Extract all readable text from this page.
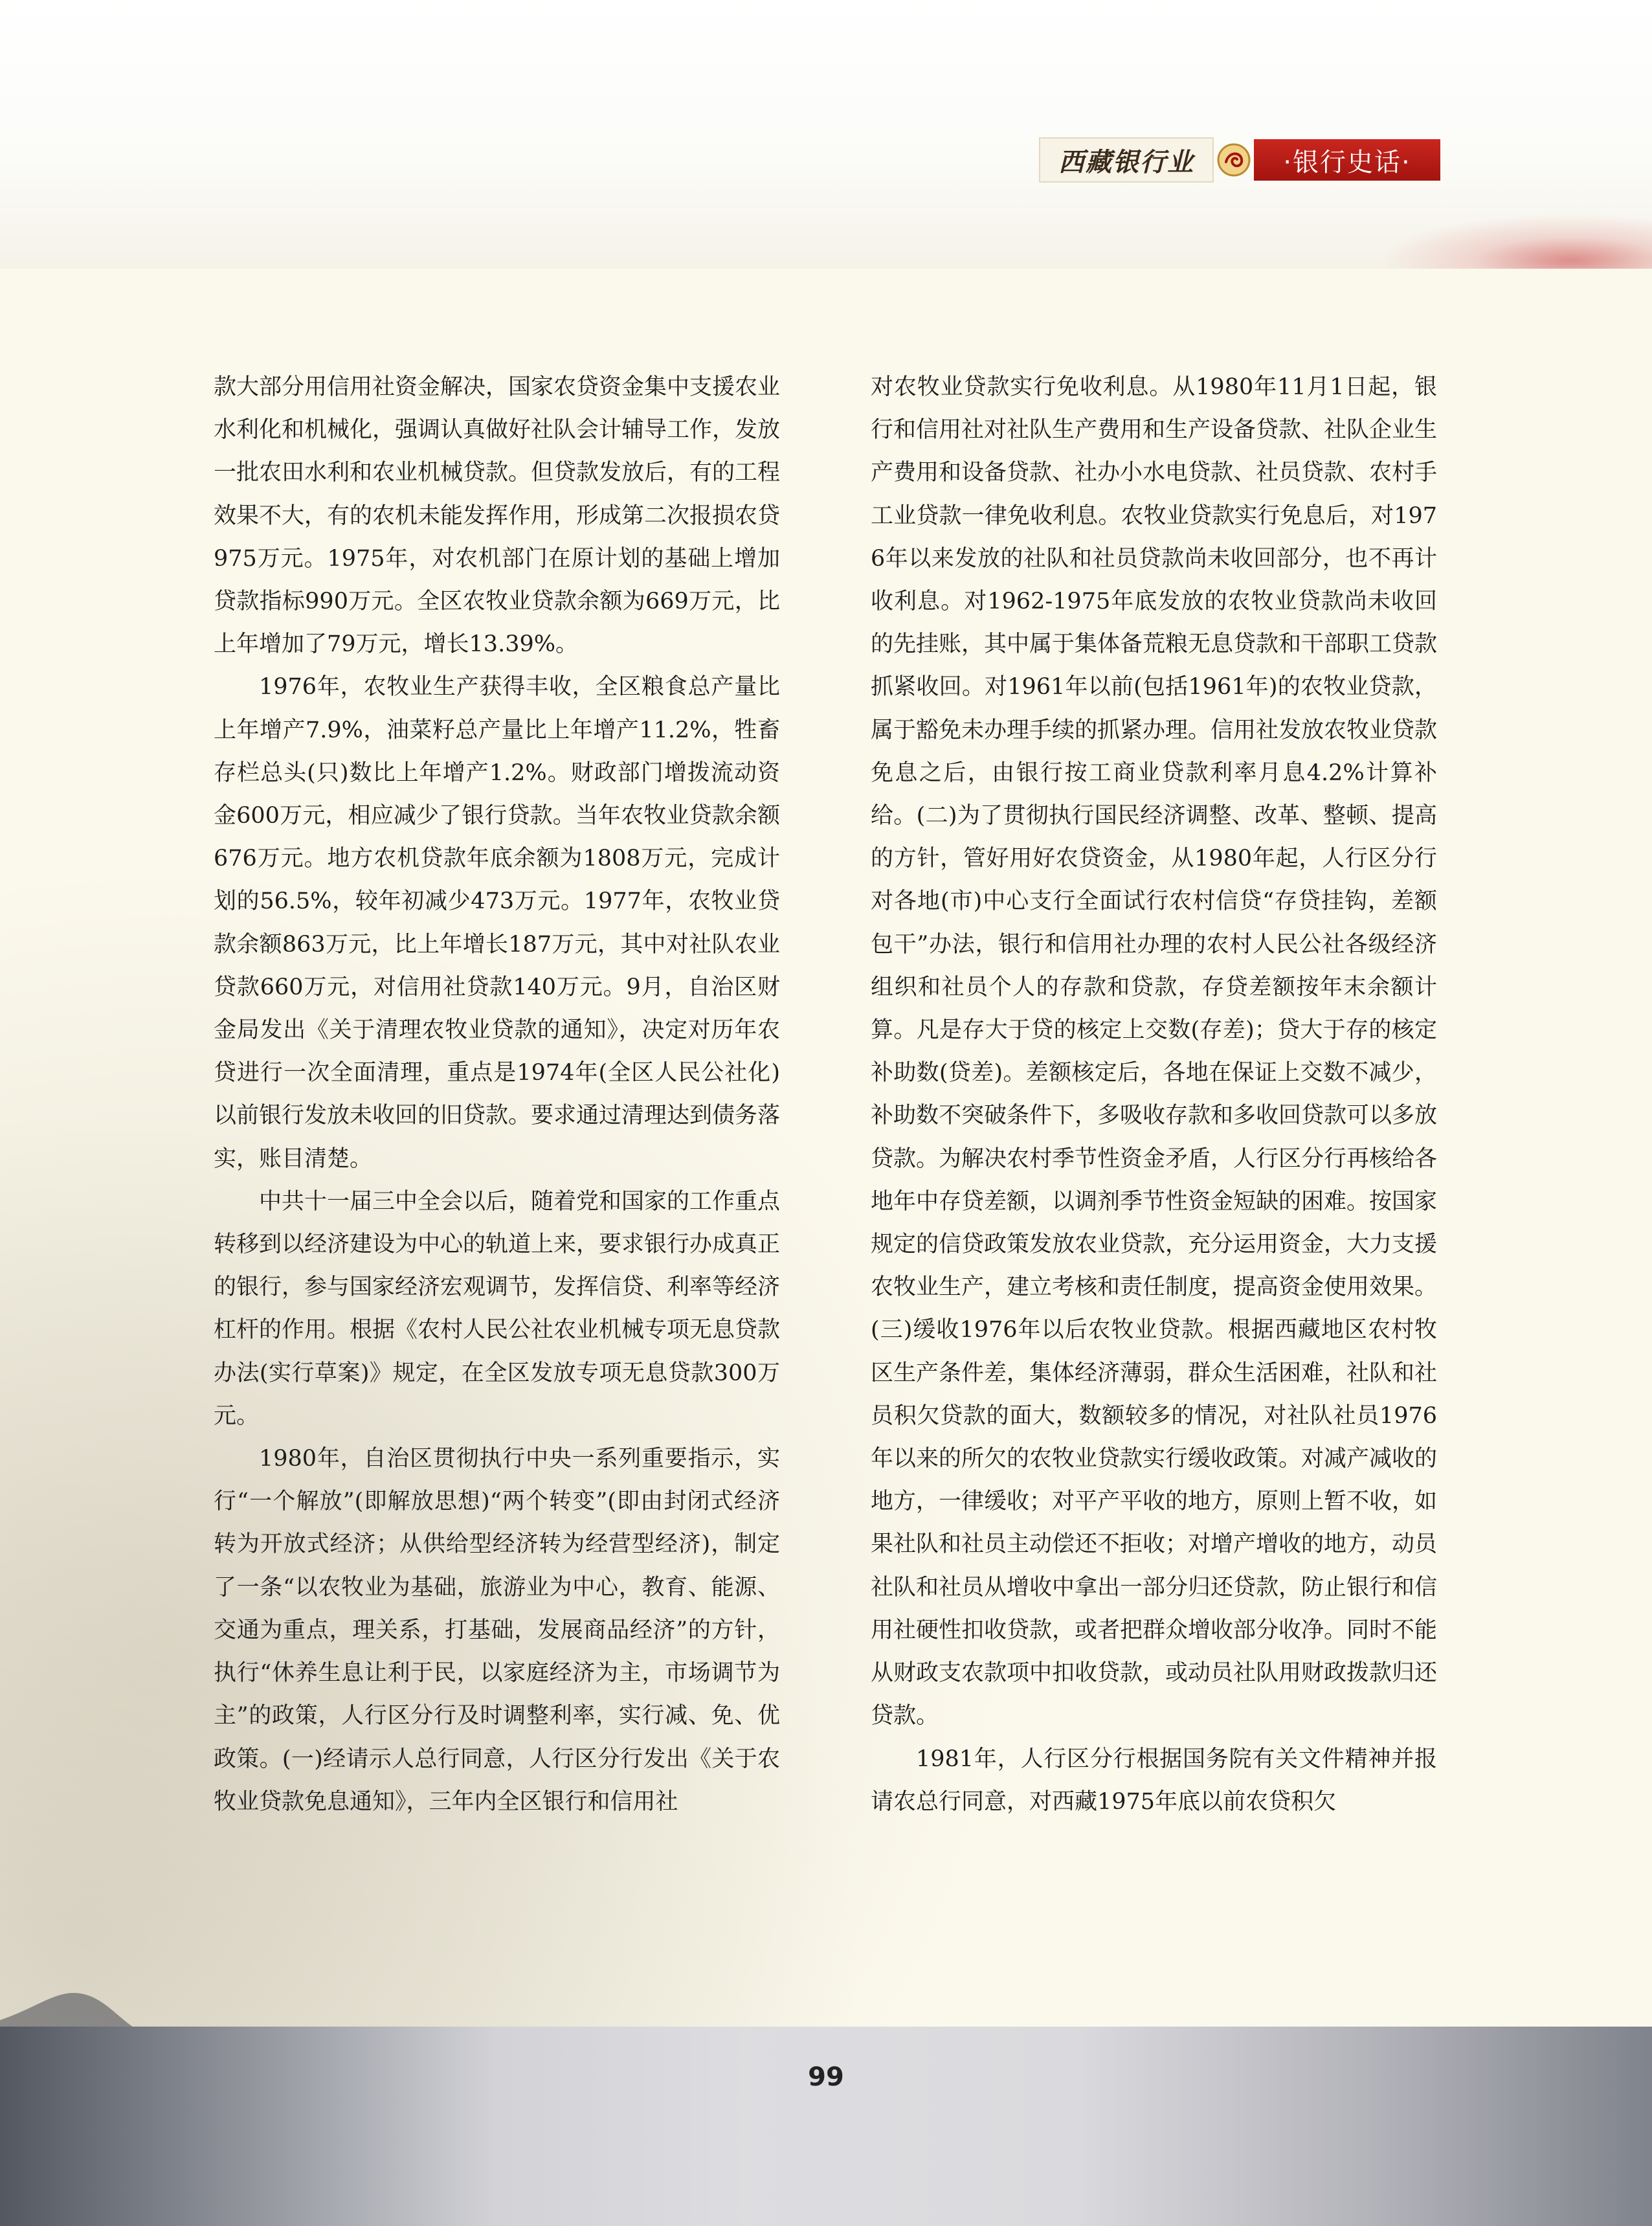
西藏银行业	·银行史话·

款大部分用信用社资金解决，国家农贷资金集中支援农业水利化和机械化，强调认真做好社队会计辅导工作，发放一批农田水利和农业机械贷款。但贷款发放后，有的工程效果不大，有的农机未能发挥作用，形成第二次报损农贷975万元。1975年，对农机部门在原计划的基础上增加贷款指标990万元。全区农牧业贷款余额为669万元，比上年增加了79万元，增长13.39%。

1976年，农牧业生产获得丰收，全区粮食总产量比上年增产7.9%，油菜籽总产量比上年增产11.2%，牲畜存栏总头(只)数比上年增产1.2%。财政部门增拨流动资金600万元，相应减少了银行贷款。当年农牧业贷款余额676万元。地方农机贷款年底余额为1808万元，完成计划的56.5%，较年初减少473万元。1977年，农牧业贷款余额863万元，比上年增长187万元，其中对社队农业贷款660万元，对信用社贷款140万元。9月，自治区财金局发出《关于清理农牧业贷款的通知》，决定对历年农贷进行一次全面清理，重点是1974年(全区人民公社化)以前银行发放未收回的旧贷款。要求通过清理达到债务落实，账目清楚。

中共十一届三中全会以后，随着党和国家的工作重点转移到以经济建设为中心的轨道上来，要求银行办成真正的银行，参与国家经济宏观调节，发挥信贷、利率等经济杠杆的作用。根据《农村人民公社农业机械专项无息贷款办法(实行草案)》规定，在全区发放专项无息贷款300万元。

1980年，自治区贯彻执行中央一系列重要指示，实行“一个解放”(即解放思想)“两个转变”(即由封闭式经济转为开放式经济；从供给型经济转为经营型经济)，制定了一条“以农牧业为基础，旅游业为中心，教育、能源、交通为重点，理关系，打基础，发展商品经济”的方针，执行“休养生息让利于民，以家庭经济为主，市场调节为主”的政策，人行区分行及时调整利率，实行减、免、优政策。(一)经请示人总行同意，人行区分行发出《关于农牧业贷款免息通知》，三年内全区银行和信用社

对农牧业贷款实行免收利息。从1980年11月1日起，银行和信用社对社队生产费用和生产设备贷款、社队企业生产费用和设备贷款、社办小水电贷款、社员贷款、农村手工业贷款一律免收利息。农牧业贷款实行免息后，对1976年以来发放的社队和社员贷款尚未收回部分，也不再计收利息。对1962-1975年底发放的农牧业贷款尚未收回的先挂账，其中属于集体备荒粮无息贷款和干部职工贷款抓紧收回。对1961年以前(包括1961年)的农牧业贷款，属于豁免未办理手续的抓紧办理。信用社发放农牧业贷款免息之后，由银行按工商业贷款利率月息4.2%计算补给。(二)为了贯彻执行国民经济调整、改革、整顿、提高的方针，管好用好农贷资金，从1980年起，人行区分行对各地(市)中心支行全面试行农村信贷“存贷挂钩，差额包干”办法，银行和信用社办理的农村人民公社各级经济组织和社员个人的存款和贷款，存贷差额按年末余额计算。凡是存大于贷的核定上交数(存差)；贷大于存的核定补助数(贷差)。差额核定后，各地在保证上交数不减少，补助数不突破条件下，多吸收存款和多收回贷款可以多放贷款。为解决农村季节性资金矛盾，人行区分行再核给各地年中存贷差额，以调剂季节性资金短缺的困难。按国家规定的信贷政策发放农业贷款，充分运用资金，大力支援农牧业生产，建立考核和责任制度，提高资金使用效果。(三)缓收1976年以后农牧业贷款。根据西藏地区农村牧区生产条件差，集体经济薄弱，群众生活困难，社队和社员积欠贷款的面大，数额较多的情况，对社队社员1976年以来的所欠的农牧业贷款实行缓收政策。对减产减收的地方，一律缓收；对平产平收的地方，原则上暂不收，如果社队和社员主动偿还不拒收；对增产增收的地方，动员社队和社员从增收中拿出一部分归还贷款，防止银行和信用社硬性扣收贷款，或者把群众增收部分收净。同时不能从财政支农款项中扣收贷款，或动员社队用财政拨款归还贷款。

1981年，人行区分行根据国务院有关文件精神并报请农总行同意，对西藏1975年底以前农贷积欠

99
